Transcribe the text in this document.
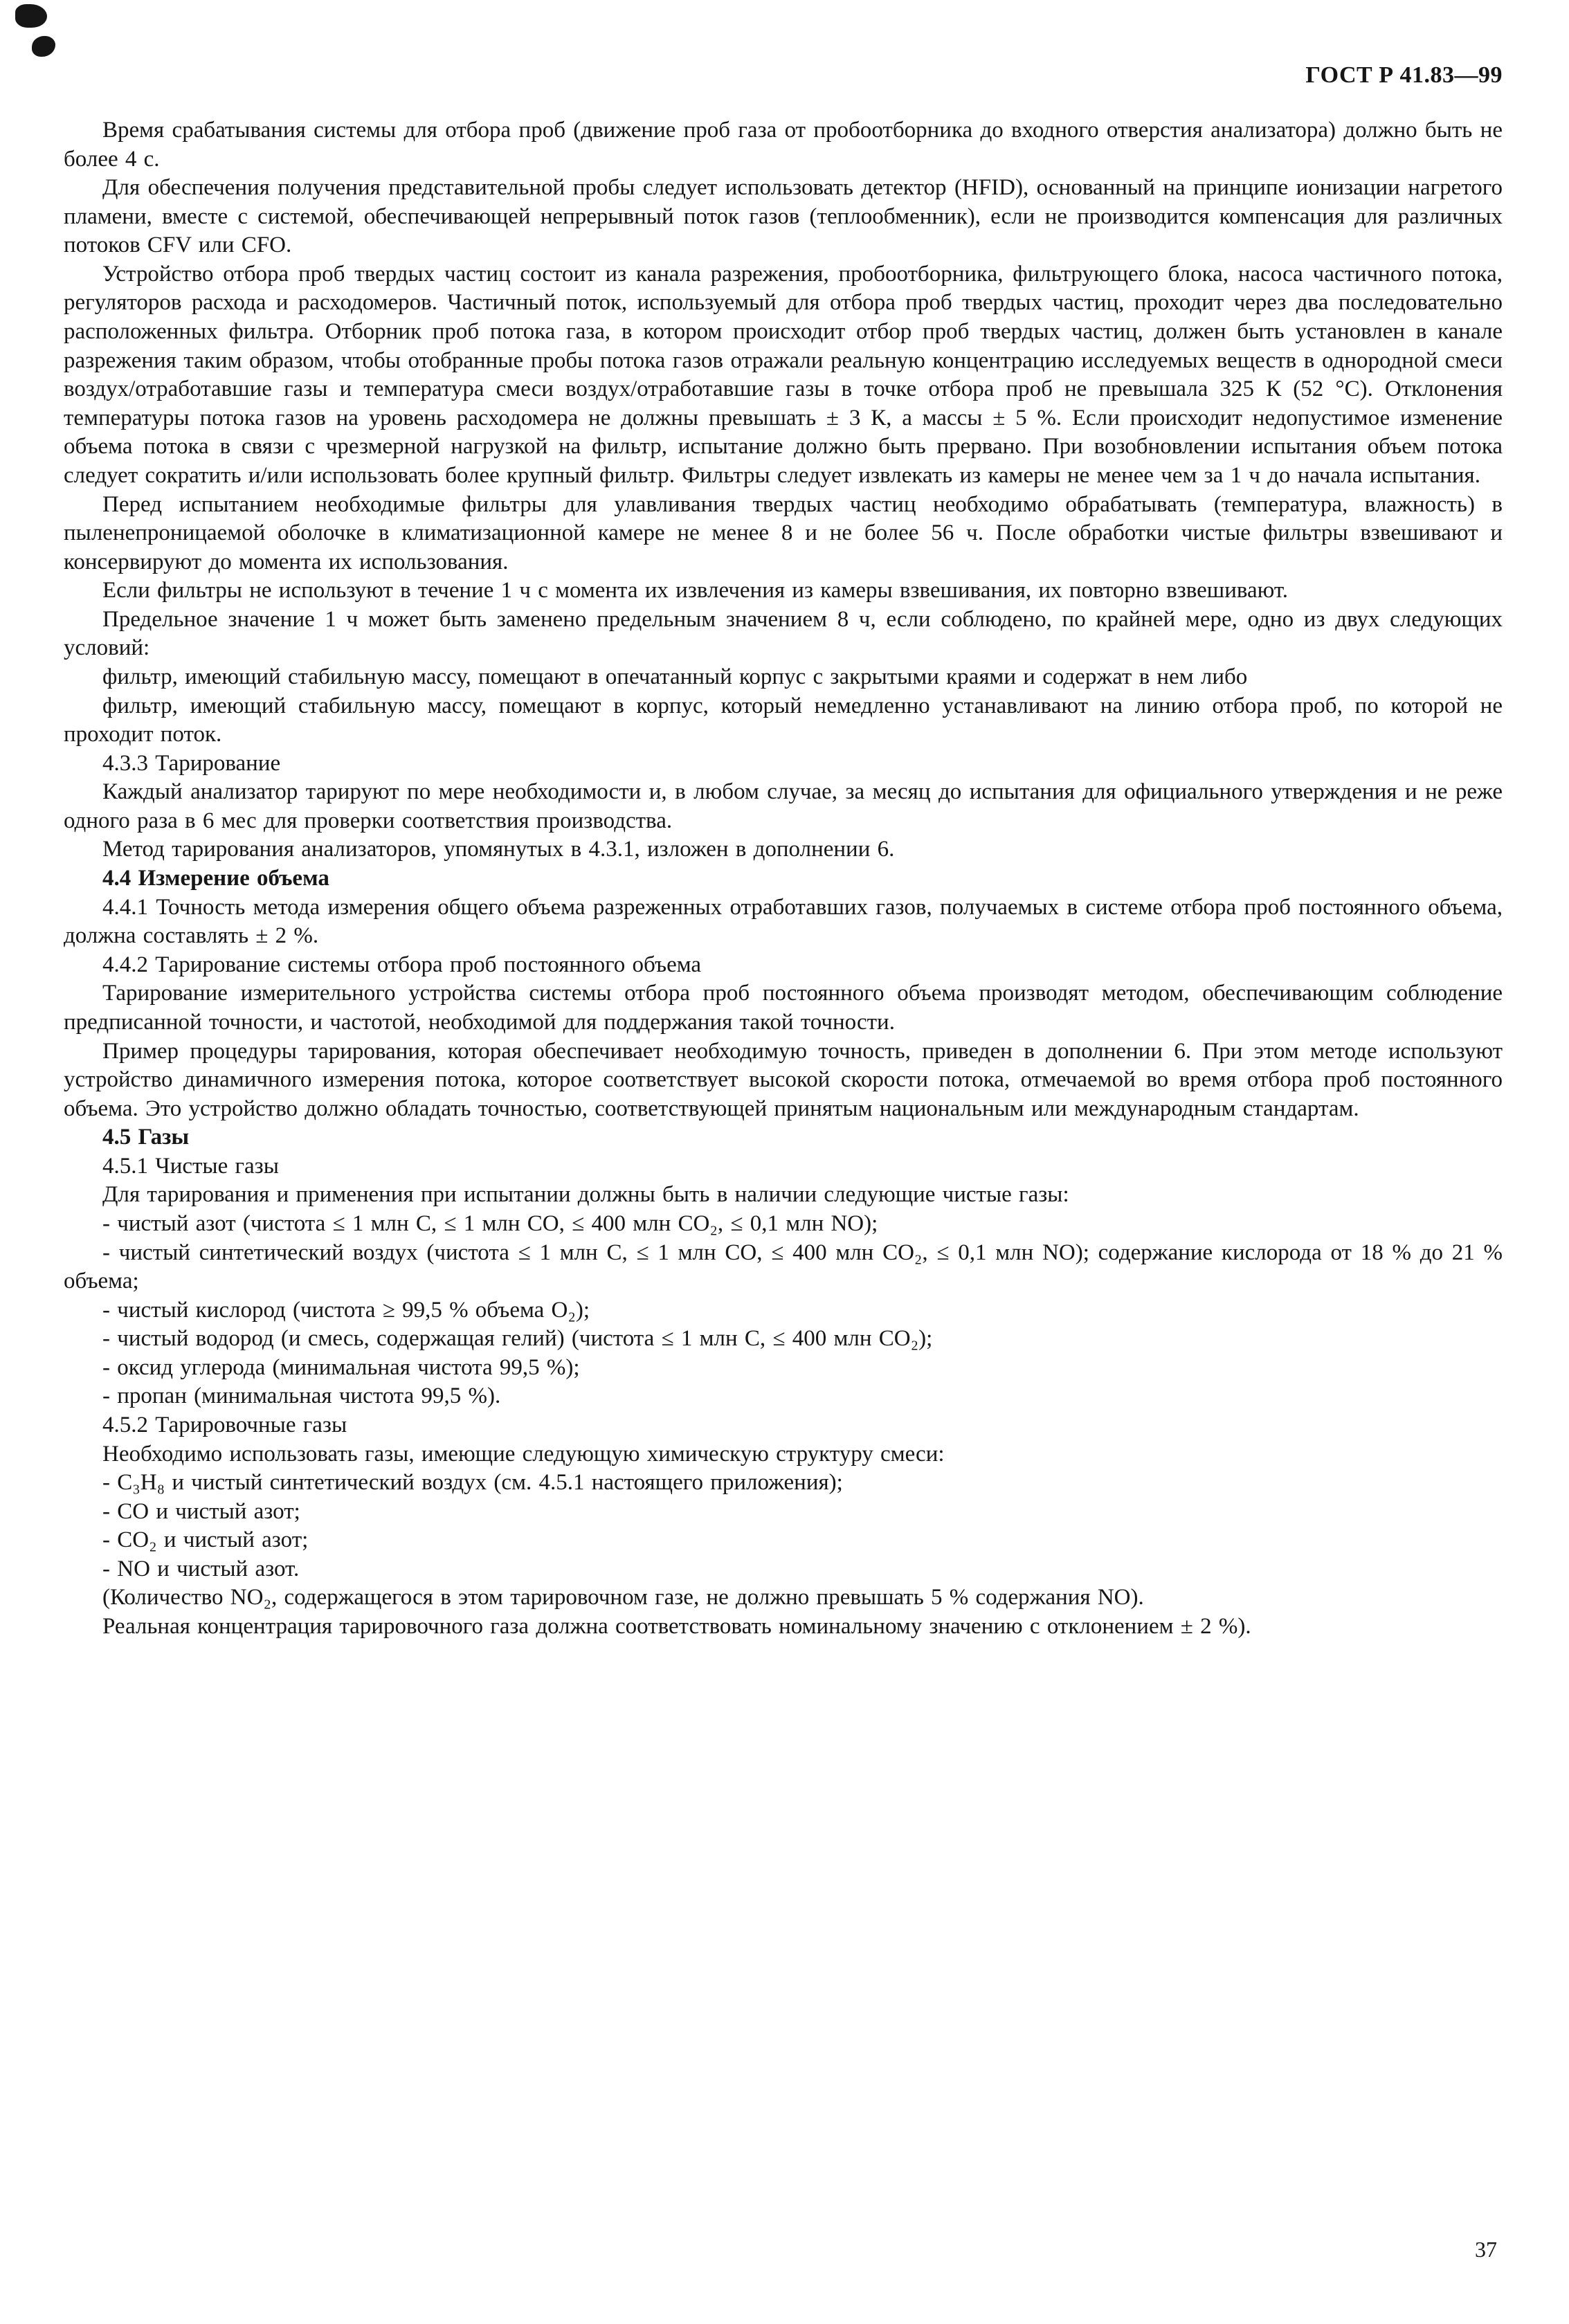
ГОСТ Р 41.83—99

Время срабатывания системы для отбора проб (движение проб газа от пробоотборника до входного отверстия анализатора) должно быть не более 4 с.

Для обеспечения получения представительной пробы следует использовать детектор (HFID), основанный на принципе ионизации нагретого пламени, вместе с системой, обеспечивающей непрерывный поток газов (теплообменник), если не производится компенсация для различных потоков CFV или CFO.

Устройство отбора проб твердых частиц состоит из канала разрежения, пробоотборника, фильтрующего блока, насоса частичного потока, регуляторов расхода и расходомеров. Частичный поток, используемый для отбора проб твердых частиц, проходит через два последовательно расположенных фильтра. Отборник проб потока газа, в котором происходит отбор проб твердых частиц, должен быть установлен в канале разрежения таким образом, чтобы отобранные пробы потока газов отражали реальную концентрацию исследуемых веществ в однородной смеси воздух/отработавшие газы и температура смеси воздух/отработавшие газы в точке отбора проб не превышала 325 К (52 °С). Отклонения температуры потока газов на уровень расходомера не должны превышать ± 3 К, а массы ± 5 %. Если происходит недопустимое изменение объема потока в связи с чрезмерной нагрузкой на фильтр, испытание должно быть прервано. При возобновлении испытания объем потока следует сократить и/или использовать более крупный фильтр. Фильтры следует извлекать из камеры не менее чем за 1 ч до начала испытания.

Перед испытанием необходимые фильтры для улавливания твердых частиц необходимо обрабатывать (температура, влажность) в пыленепроницаемой оболочке в климатизационной камере не менее 8 и не более 56 ч. После обработки чистые фильтры взвешивают и консервируют до момента их использования.

Если фильтры не используют в течение 1 ч с момента их извлечения из камеры взвешивания, их повторно взвешивают.

Предельное значение 1 ч может быть заменено предельным значением 8 ч, если соблюдено, по крайней мере, одно из двух следующих условий:

фильтр, имеющий стабильную массу, помещают в опечатанный корпус с закрытыми краями и содержат в нем либо

фильтр, имеющий стабильную массу, помещают в корпус, который немедленно устанавливают на линию отбора проб, по которой не проходит поток.

4.3.3 Тарирование

Каждый анализатор тарируют по мере необходимости и, в любом случае, за месяц до испытания для официального утверждения и не реже одного раза в 6 мес для проверки соответствия производства.

Метод тарирования анализаторов, упомянутых в 4.3.1, изложен в дополнении 6.

4.4 Измерение объема

4.4.1 Точность метода измерения общего объема разреженных отработавших газов, получаемых в системе отбора проб постоянного объема, должна составлять ± 2 %.

4.4.2 Тарирование системы отбора проб постоянного объема

Тарирование измерительного устройства системы отбора проб постоянного объема производят методом, обеспечивающим соблюдение предписанной точности, и частотой, необходимой для поддержания такой точности.

Пример процедуры тарирования, которая обеспечивает необходимую точность, приведен в дополнении 6. При этом методе используют устройство динамичного измерения потока, которое соответствует высокой скорости потока, отмечаемой во время отбора проб постоянного объема. Это устройство должно обладать точностью, соответствующей принятым национальным или международным стандартам.

4.5 Газы

4.5.1 Чистые газы

Для тарирования и применения при испытании должны быть в наличии следующие чистые газы:

- чистый азот (чистота ≤ 1 млн C, ≤ 1 млн CO, ≤ 400 млн CO₂, ≤ 0,1 млн NO);

- чистый синтетический воздух (чистота ≤ 1 млн C, ≤ 1 млн CO, ≤ 400 млн CO₂, ≤ 0,1 млн NO); содержание кислорода от 18 % до 21 % объема;

- чистый кислород (чистота ≥ 99,5 % объема O₂);

- чистый водород (и смесь, содержащая гелий) (чистота ≤ 1 млн C, ≤ 400 млн CO₂);

- оксид углерода (минимальная чистота 99,5 %);

- пропан (минимальная чистота 99,5 %).

4.5.2 Тарировочные газы

Необходимо использовать газы, имеющие следующую химическую структуру смеси:

- C₃H₈ и чистый синтетический воздух (см. 4.5.1 настоящего приложения);

- CO и чистый азот;

- CO₂ и чистый азот;

- NO и чистый азот.

(Количество NO₂, содержащегося в этом тарировочном газе, не должно превышать 5 % содержания NO).

Реальная концентрация тарировочного газа должна соответствовать номинальному значению с отклонением ± 2 %).

37
